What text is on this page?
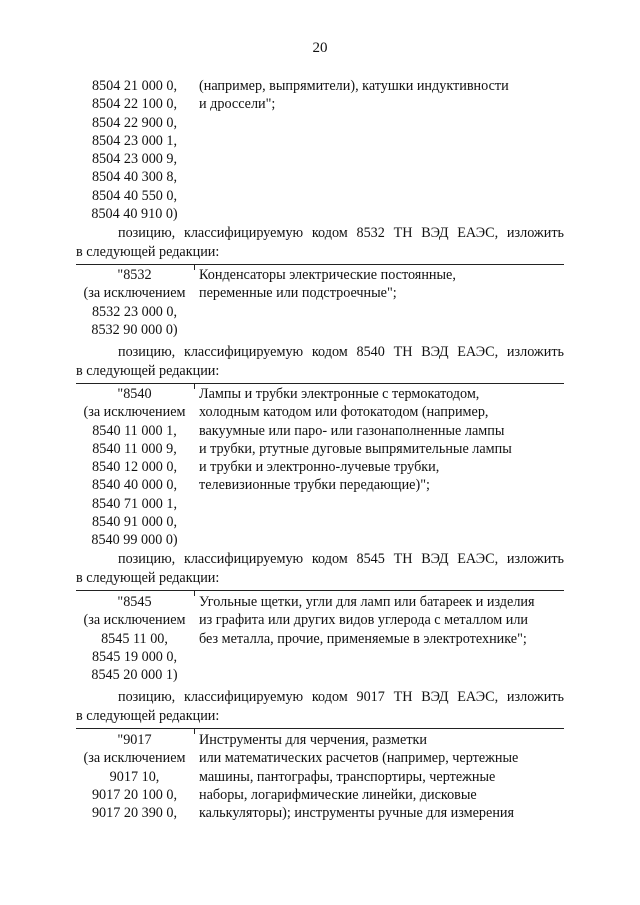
20
8504 21 000 0,
8504 22 100 0,
8504 22 900 0,
8504 23 000 1,
8504 23 000 9,
8504 40 300 8,
8504 40 550 0,
8504 40 910 0)
(например, выпрямители), катушки индуктивности
и дроссели";
позицию, классифицируемую кодом 8532 ТН ВЭД ЕАЭС, изложить
в следующей редакции:
"8532
(за исключением
8532 23 000 0,
8532 90 000 0)
Конденсаторы электрические постоянные,
переменные или подстроечные";
позицию, классифицируемую кодом 8540 ТН ВЭД ЕАЭС, изложить
в следующей редакции:
"8540
(за исключением
8540 11 000 1,
8540 11 000 9,
8540 12 000 0,
8540 40 000 0,
8540 71 000 1,
8540 91 000 0,
8540 99 000 0)
Лампы и трубки электронные с термокатодом,
холодным катодом или фотокатодом (например,
вакуумные или паро- или газонаполненные лампы
и трубки, ртутные дуговые выпрямительные лампы
и трубки и электронно-лучевые трубки,
телевизионные трубки передающие)";
позицию, классифицируемую кодом 8545 ТН ВЭД ЕАЭС, изложить
в следующей редакции:
"8545
(за исключением
8545 11 00,
8545 19 000 0,
8545 20 000 1)
Угольные щетки, угли для ламп или батареек и изделия
из графита или других видов углерода с металлом или
без металла, прочие, применяемые в электротехнике";
позицию, классифицируемую кодом 9017 ТН ВЭД ЕАЭС, изложить
в следующей редакции:
"9017
(за исключением
9017 10,
9017 20 100 0,
9017 20 390 0,
Инструменты для черчения, разметки
или математических расчетов (например, чертежные
машины, пантографы, транспортиры, чертежные
наборы, логарифмические линейки, дисковые
калькуляторы); инструменты ручные для измерения
